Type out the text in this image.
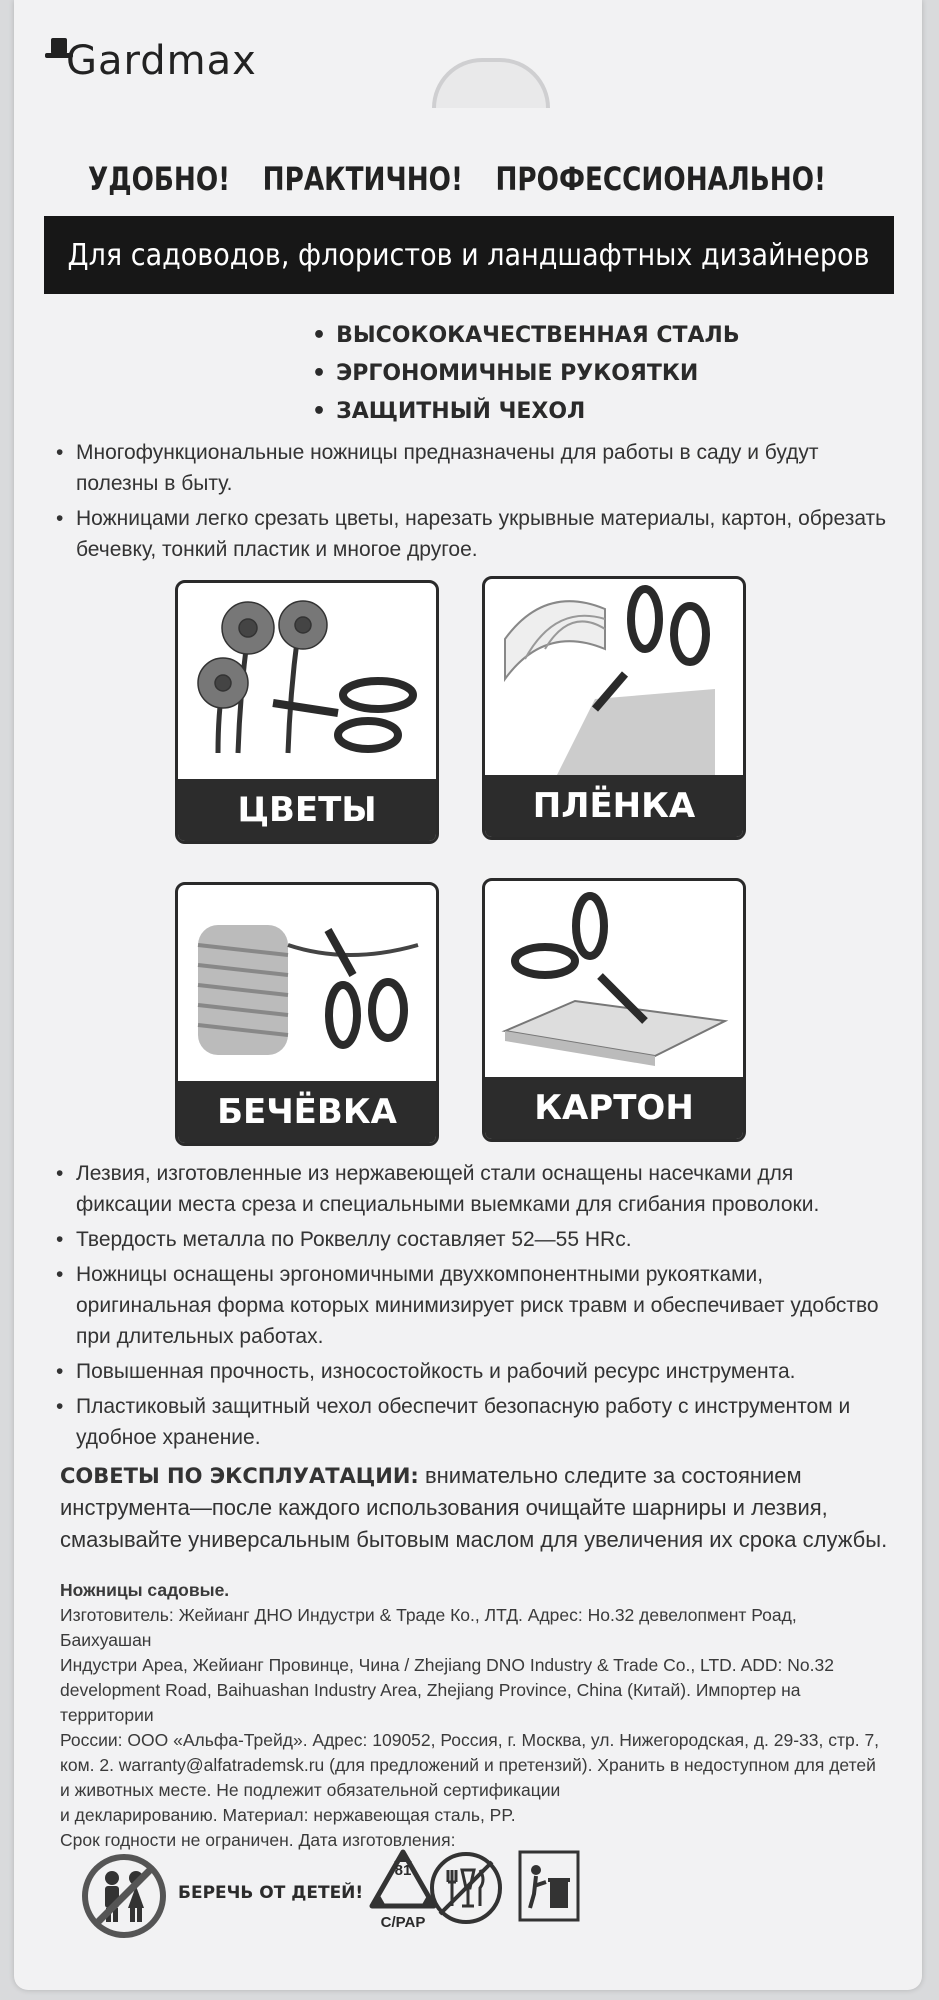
Gardmax
УДОБНО! ПРАКТИЧНО! ПРОФЕССИОНАЛЬНО!
Для садоводов, флористов и ландшафтных дизайнеров
• ВЫСОКОКАЧЕСТВЕННАЯ СТАЛЬ
• ЭРГОНОМИЧНЫЕ РУКОЯТКИ
• ЗАЩИТНЫЙ ЧЕХОЛ
• Многофункциональные ножницы предназначены для работы в саду и будут полезны в быту.
• Ножницами легко срезать цветы, нарезать укрывные материалы, картон, обрезать бечевку, тонкий пластик и многое другое.
ЦВЕТЫ	ПЛЁНКА
БЕЧЁВКА	КАРТОН
• Лезвия, изготовленные из нержавеющей стали оснащены насечками для фиксации места среза и специальными выемками для сгибания проволоки.
• Твердость металла по Роквеллу составляет 52—55 HRc.
• Ножницы оснащены эргономичными двухкомпонентными рукоятками, оригинальная форма которых минимизирует риск травм и обеспечивает удобство при длительных работах.
• Повышенная прочность, износостойкость и рабочий ресурс инструмента.
• Пластиковый защитный чехол обеспечит безопасную работу с инструментом и удобное хранение.
СОВЕТЫ ПО ЭКСПЛУАТАЦИИ: внимательно следите за состоянием инструмента—после каждого использования очищайте шарниры и лезвия, смазывайте универсальным бытовым маслом для увеличения их срока службы.
Ножницы садовые.
Изготовитель: Жейианг ДНО Индустри & Траде Ко., ЛТД. Адрес: Но.32 девелопмент Роад, Баихуашан
Индустри Ареа, Жейианг Провинце, Чина / Zhejiang DNO Industry & Trade Co., LTD. ADD: No.32
development Road, Baihuashan Industry Area, Zhejiang Province, China (Китай). Импортер на территории
России: ООО «Альфа-Трейд». Адрес: 109052, Россия, г. Москва, ул. Нижегородская, д. 29-33, стр. 7,
ком. 2. warranty@alfatrademsk.ru (для предложений и претензий). Хранить в недоступном для детей
и животных месте. Не подлежит обязательной сертификации
и декларированию. Материал: нержавеющая сталь, PP.
Срок годности не ограничен. Дата изготовления:
БЕРЕЧЬ ОТ ДЕТЕЙ!
81
C/PAP
